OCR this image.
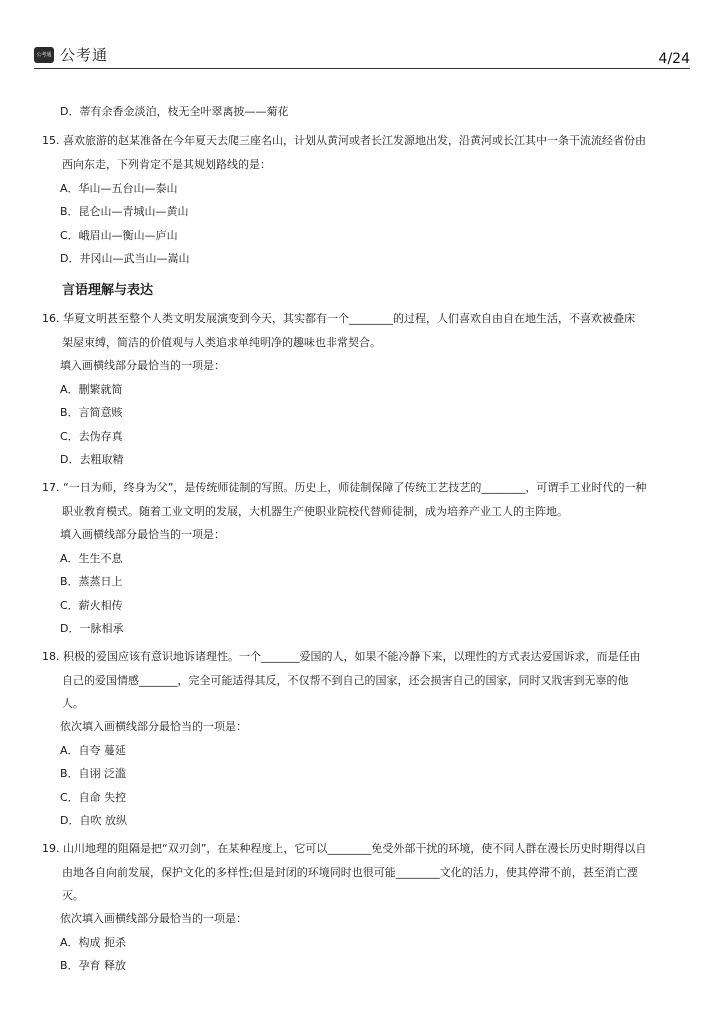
公考通 公考通	4/24
D．蒂有余香金淡泊，枝无全叶翠离披——菊花
15. 喜欢旅游的赵某准备在今年夏天去爬三座名山，计划从黄河或者长江发源地出发，沿黄河或长江其中一条干流流经省份由
西向东走，下列肯定不是其规划路线的是：
A．华山—五台山—泰山
B．昆仑山—青城山—黄山
C．峨眉山—衡山—庐山
D．井冈山—武当山—嵩山
言语理解与表达
16. 华夏文明甚至整个人类文明发展演变到今天，其实都有一个________的过程，人们喜欢自由自在地生活，不喜欢被叠床
架屋束缚，简洁的价值观与人类追求单纯明净的趣味也非常契合。
填入画横线部分最恰当的一项是：
A．删繁就简
B．言简意赅
C．去伪存真
D．去粗取精
17. “一日为师，终身为父”，是传统师徒制的写照。历史上，师徒制保障了传统工艺技艺的________，可谓手工业时代的一种
职业教育模式。随着工业文明的发展，大机器生产使职业院校代替师徒制，成为培养产业工人的主阵地。
填入画横线部分最恰当的一项是：
A．生生不息
B．蒸蒸日上
C．薪火相传
D．一脉相承
18. 积极的爱国应该有意识地诉诸理性。一个_______爱国的人，如果不能冷静下来，以理性的方式表达爱国诉求，而是任由
自己的爱国情感_______，完全可能适得其反，不仅帮不到自己的国家，还会损害自己的国家，同时又戕害到无辜的他
人。
依次填入画横线部分最恰当的一项是：
A．自夸 蔓延
B．自诩 泛滥
C．自命 失控
D．自吹 放纵
19. 山川地理的阻隔是把“双刃剑”，在某种程度上，它可以________免受外部干扰的环境，使不同人群在漫长历史时期得以自
由地各自向前发展，保护文化的多样性;但是封闭的环境同时也很可能________文化的活力，使其停滞不前，甚至消亡湮
灭。
依次填入画横线部分最恰当的一项是：
A．构成 扼杀
B．孕育 释放
